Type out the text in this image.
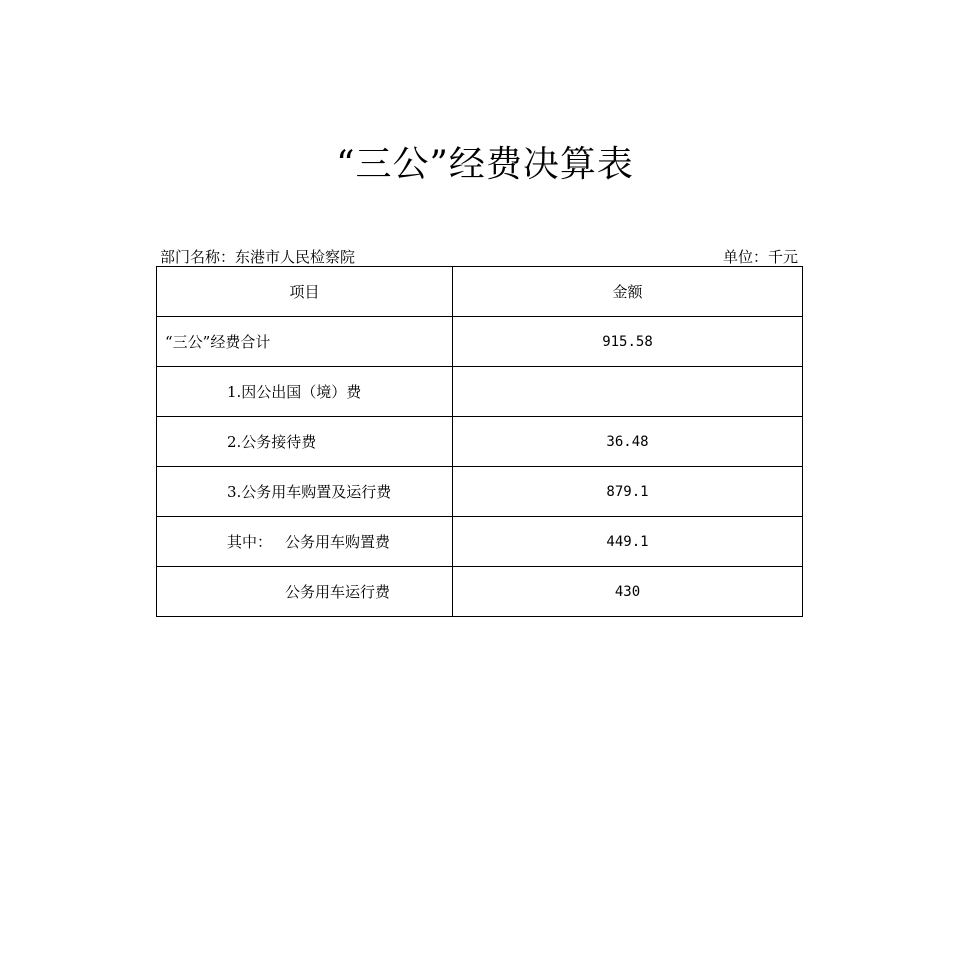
“三公”经费决算表
部门名称：东港市人民检察院	单位：千元
项目	金额
“三公”经费合计	915.58
1.因公出国（境）费	
2.公务接待费	36.48
3.公务用车购置及运行费	879.1
其中： 公务用车购置费	449.1
公务用车运行费	430
